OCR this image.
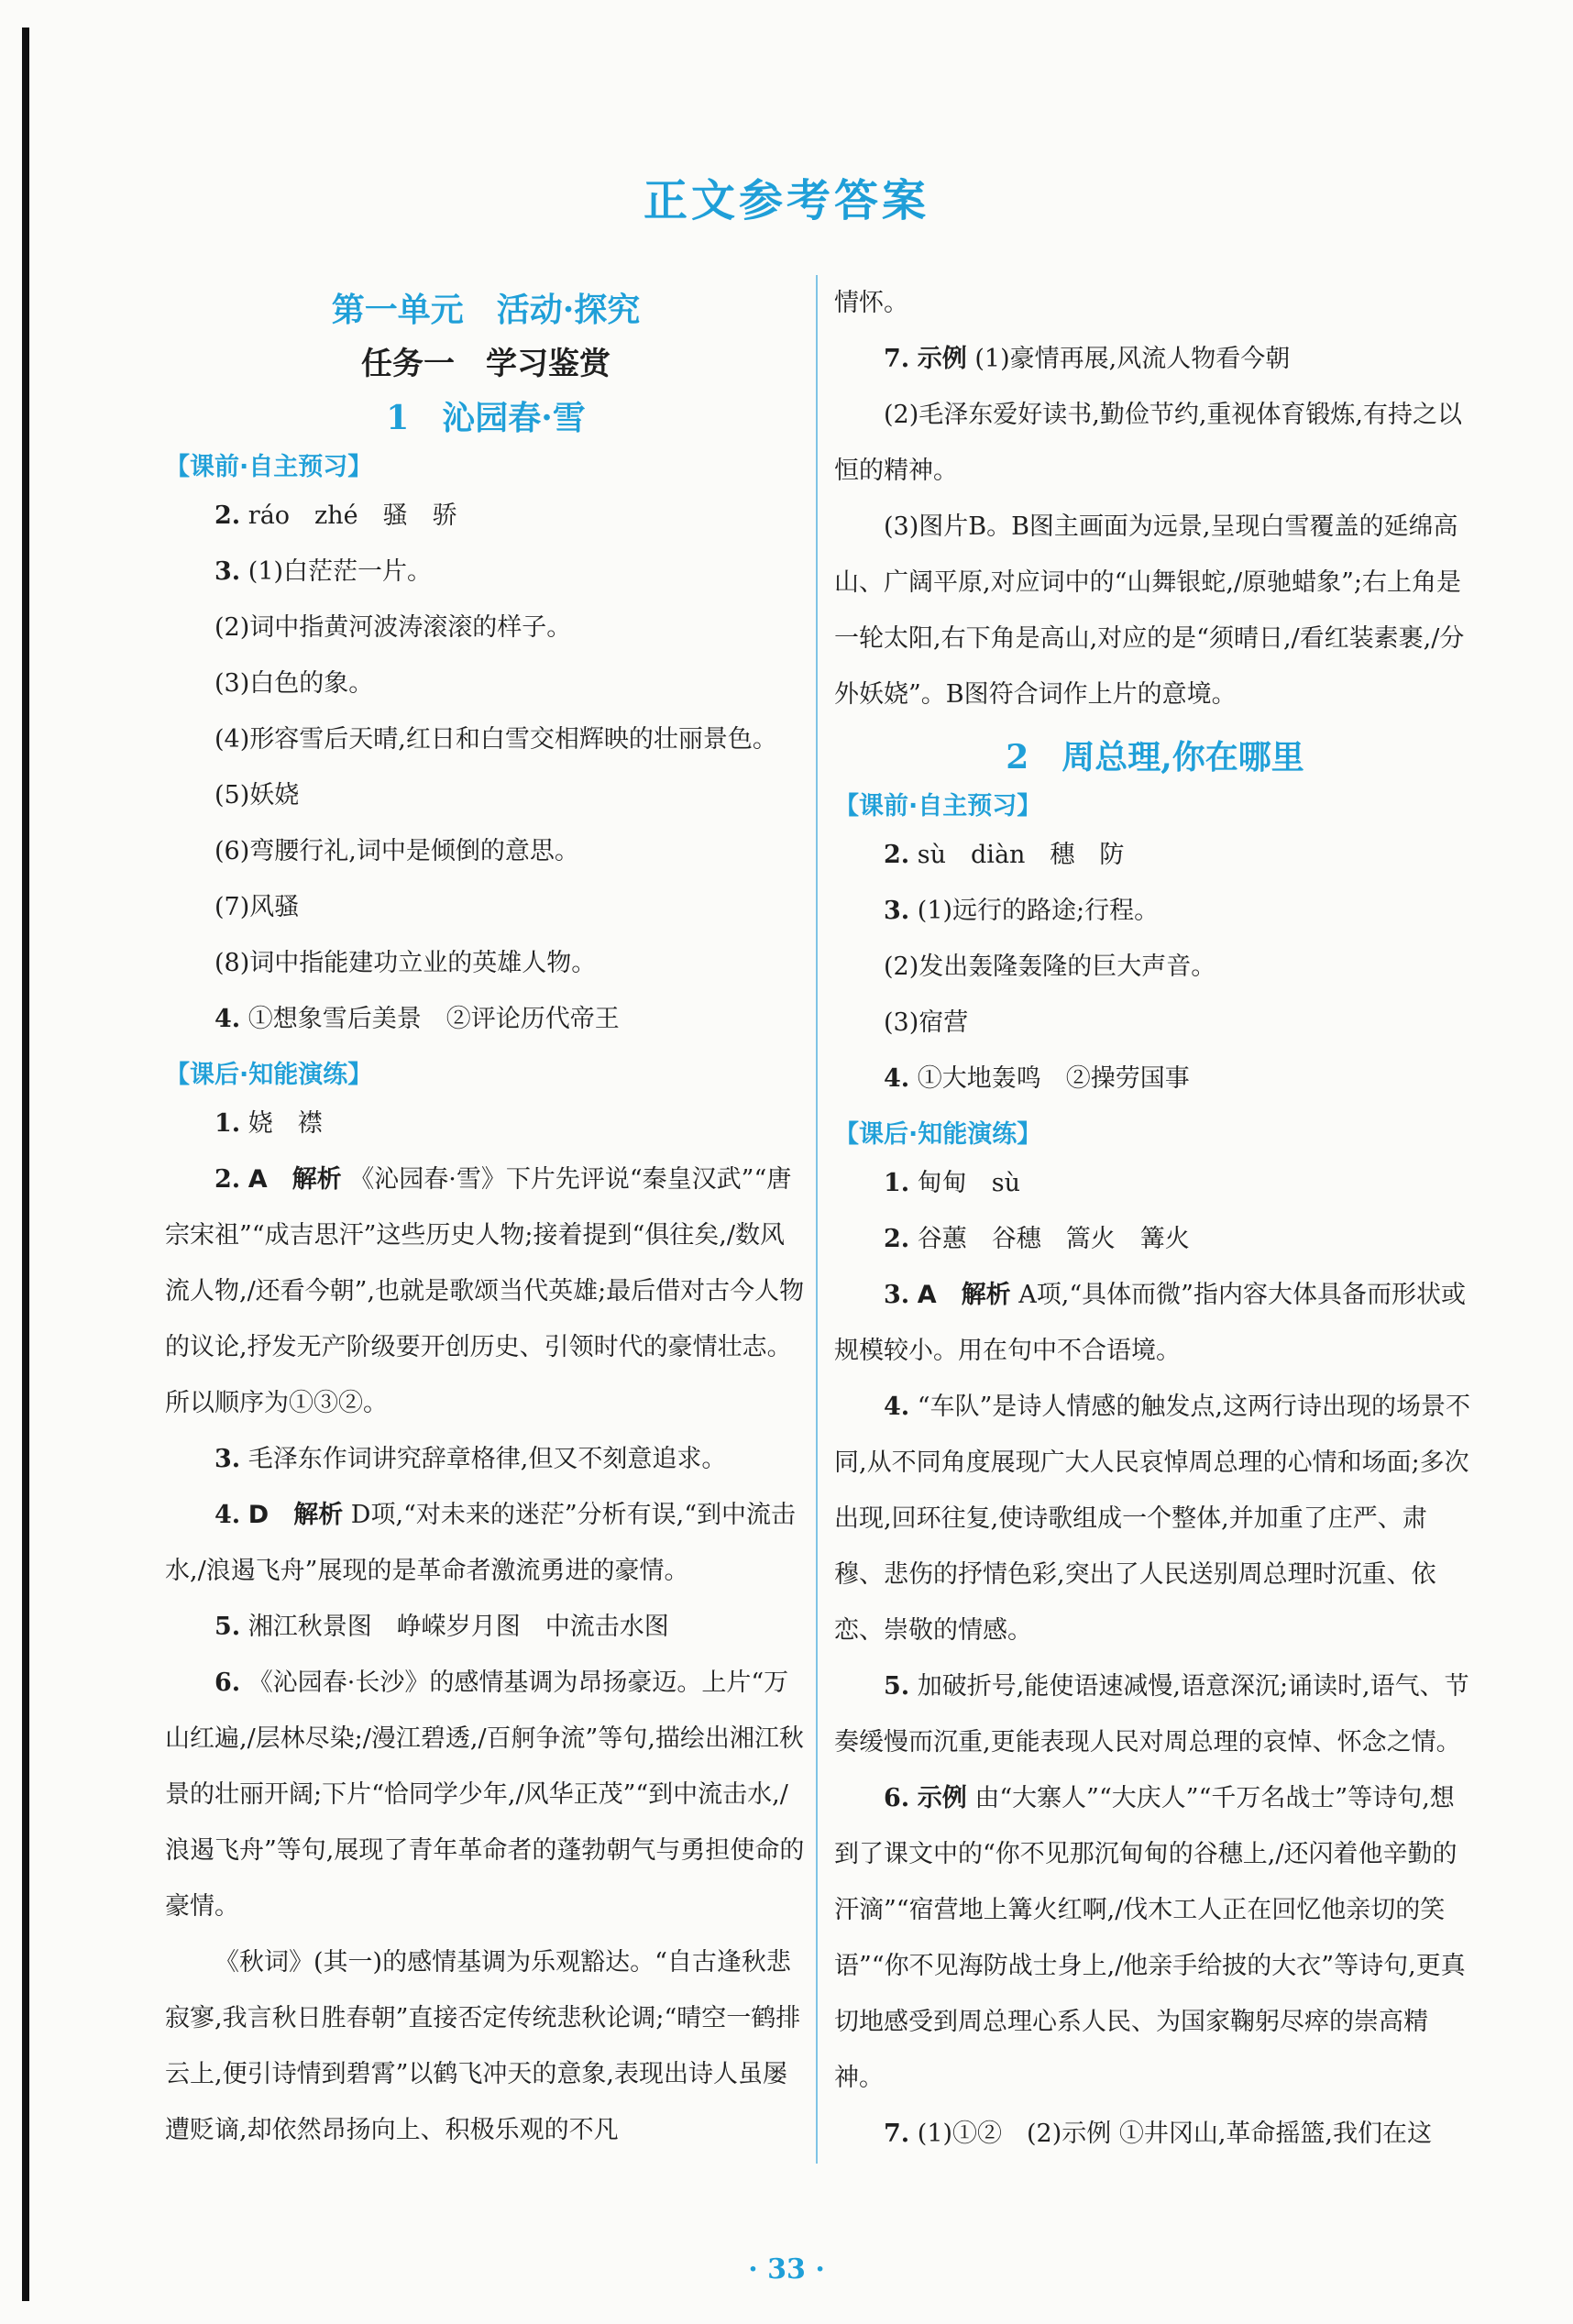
正文参考答案
第一单元　活动·探究
任务一　学习鉴赏
1　沁园春·雪
【课前·自主预习】

2. ráo　zhé　骚　骄

3. (1)白茫茫一片。

(2)词中指黄河波涛滚滚的样子。

(3)白色的象。

(4)形容雪后天晴,红日和白雪交相辉映的壮丽景色。

(5)妖娆

(6)弯腰行礼,词中是倾倒的意思。

(7)风骚

(8)词中指能建功立业的英雄人物。

4. ①想象雪后美景　②评论历代帝王

【课后·知能演练】

1. 娆　襟

2. A　解析 《沁园春·雪》下片先评说“秦皇汉武”“唐宗宋祖”“成吉思汗”这些历史人物;接着提到“俱往矣,/数风流人物,/还看今朝”,也就是歌颂当代英雄;最后借对古今人物的议论,抒发无产阶级要开创历史、引领时代的豪情壮志。所以顺序为①③②。

3. 毛泽东作词讲究辞章格律,但又不刻意追求。

4. D　解析 D项,“对未来的迷茫”分析有误,“到中流击水,/浪遏飞舟”展现的是革命者激流勇进的豪情。

5. 湘江秋景图　峥嵘岁月图　中流击水图

6. 《沁园春·长沙》的感情基调为昂扬豪迈。上片“万山红遍,/层林尽染;/漫江碧透,/百舸争流”等句,描绘出湘江秋景的壮丽开阔;下片“恰同学少年,/风华正茂”“到中流击水,/浪遏飞舟”等句,展现了青年革命者的蓬勃朝气与勇担使命的豪情。

《秋词》(其一)的感情基调为乐观豁达。“自古逢秋悲寂寥,我言秋日胜春朝”直接否定传统悲秋论调;“晴空一鹤排云上,便引诗情到碧霄”以鹤飞冲天的意象,表现出诗人虽屡遭贬谪,却依然昂扬向上、积极乐观的不凡

情怀。

7. 示例 (1)豪情再展,风流人物看今朝

(2)毛泽东爱好读书,勤俭节约,重视体育锻炼,有持之以恒的精神。

(3)图片B。B图主画面为远景,呈现白雪覆盖的延绵高山、广阔平原,对应词中的“山舞银蛇,/原驰蜡象”;右上角是一轮太阳,右下角是高山,对应的是“须晴日,/看红装素裹,/分外妖娆”。B图符合词作上片的意境。

2　周总理,你在哪里
【课前·自主预习】

2. sù　diàn　穗　防

3. (1)远行的路途;行程。

(2)发出轰隆轰隆的巨大声音。

(3)宿营

4. ①大地轰鸣　②操劳国事

【课后·知能演练】

1. 甸甸　sù

2. 谷蕙　谷穗　篙火　篝火

3. A　解析 A项,“具体而微”指内容大体具备而形状或规模较小。用在句中不合语境。

4. “车队”是诗人情感的触发点,这两行诗出现的场景不同,从不同角度展现广大人民哀悼周总理的心情和场面;多次出现,回环往复,使诗歌组成一个整体,并加重了庄严、肃穆、悲伤的抒情色彩,突出了人民送别周总理时沉重、依恋、崇敬的情感。

5. 加破折号,能使语速减慢,语意深沉;诵读时,语气、节奏缓慢而沉重,更能表现人民对周总理的哀悼、怀念之情。

6. 示例 由“大寨人”“大庆人”“千万名战士”等诗句,想到了课文中的“你不见那沉甸甸的谷穗上,/还闪着他辛勤的汗滴”“宿营地上篝火红啊,/伐木工人正在回忆他亲切的笑语”“你不见海防战士身上,/他亲手给披的大衣”等诗句,更真切地感受到周总理心系人民、为国家鞠躬尽瘁的崇高精神。

7. (1)①②　(2)示例 ①井冈山,革命摇篮,我们在这

· 33 ·
